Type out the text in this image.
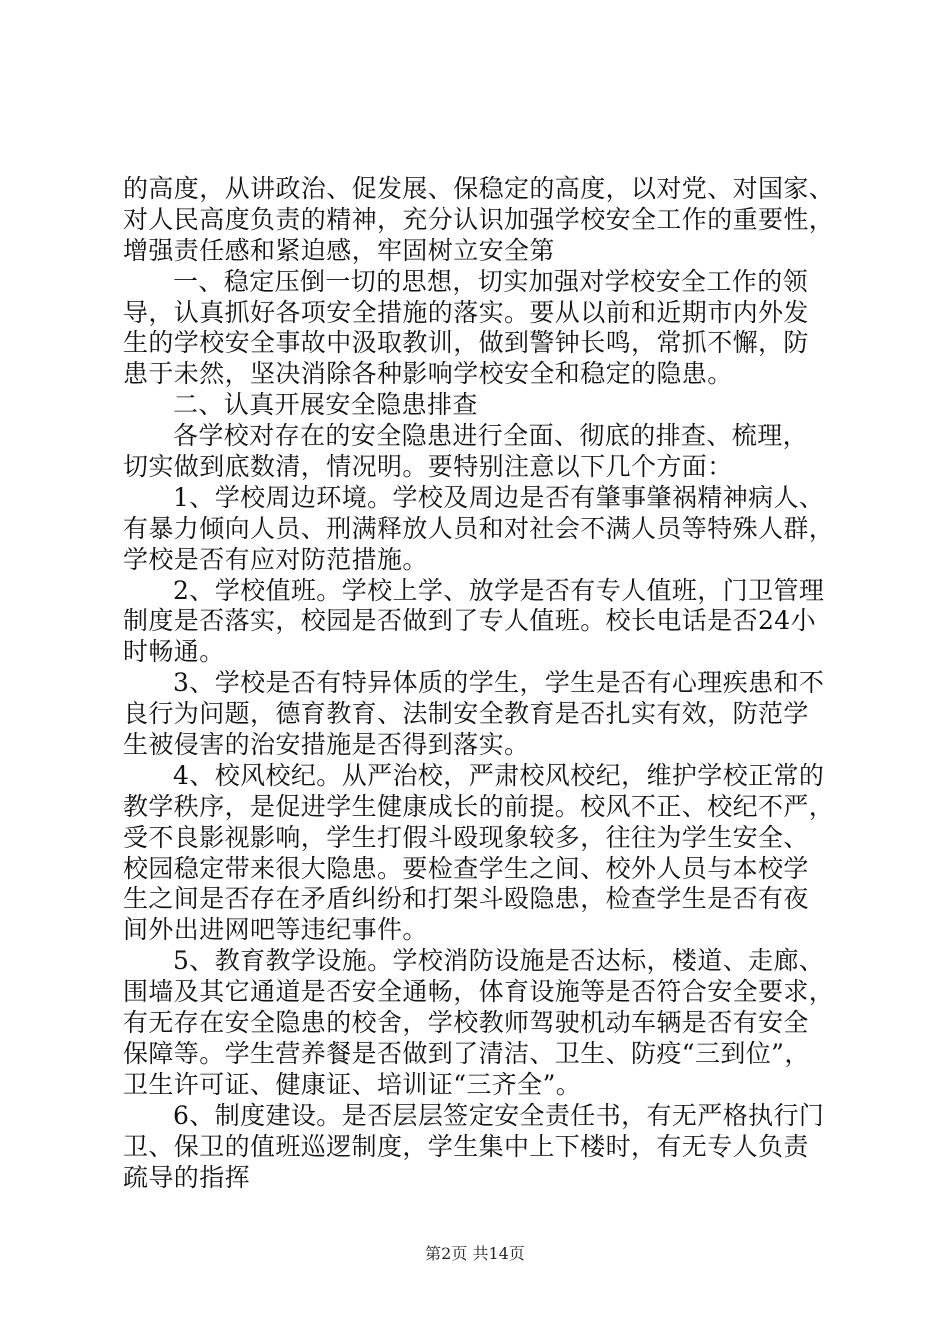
的高度，从讲政治、促发展、保稳定的高度，以对党、对国家、
对人民高度负责的精神，充分认识加强学校安全工作的重要性，
增强责任感和紧迫感，牢固树立安全第
一、稳定压倒一切的思想，切实加强对学校安全工作的领
导，认真抓好各项安全措施的落实。要从以前和近期市内外发
生的学校安全事故中汲取教训，做到警钟长鸣，常抓不懈，防
患于未然，坚决消除各种影响学校安全和稳定的隐患。
二、认真开展安全隐患排查
各学校对存在的安全隐患进行全面、彻底的排查、梳理，
切实做到底数清，情况明。要特别注意以下几个方面：
1、学校周边环境。学校及周边是否有肇事肇祸精神病人、
有暴力倾向人员、刑满释放人员和对社会不满人员等特殊人群，
学校是否有应对防范措施。
2、学校值班。学校上学、放学是否有专人值班，门卫管理
制度是否落实，校园是否做到了专人值班。校长电话是否24小
时畅通。
3、学校是否有特异体质的学生，学生是否有心理疾患和不
良行为问题，德育教育、法制安全教育是否扎实有效，防范学
生被侵害的治安措施是否得到落实。
4、校风校纪。从严治校，严肃校风校纪，维护学校正常的
教学秩序，是促进学生健康成长的前提。校风不正、校纪不严，
受不良影视影响，学生打假斗殴现象较多，往往为学生安全、
校园稳定带来很大隐患。要检查学生之间、校外人员与本校学
生之间是否存在矛盾纠纷和打架斗殴隐患，检查学生是否有夜
间外出进网吧等违纪事件。
5、教育教学设施。学校消防设施是否达标，楼道、走廊、
围墙及其它通道是否安全通畅，体育设施等是否符合安全要求，
有无存在安全隐患的校舍，学校教师驾驶机动车辆是否有安全
保障等。学生营养餐是否做到了清洁、卫生、防疫“三到位”，
卫生许可证、健康证、培训证“三齐全”。
6、制度建设。是否层层签定安全责任书，有无严格执行门
卫、保卫的值班巡逻制度，学生集中上下楼时，有无专人负责
疏导的指挥
第2页 共14页
